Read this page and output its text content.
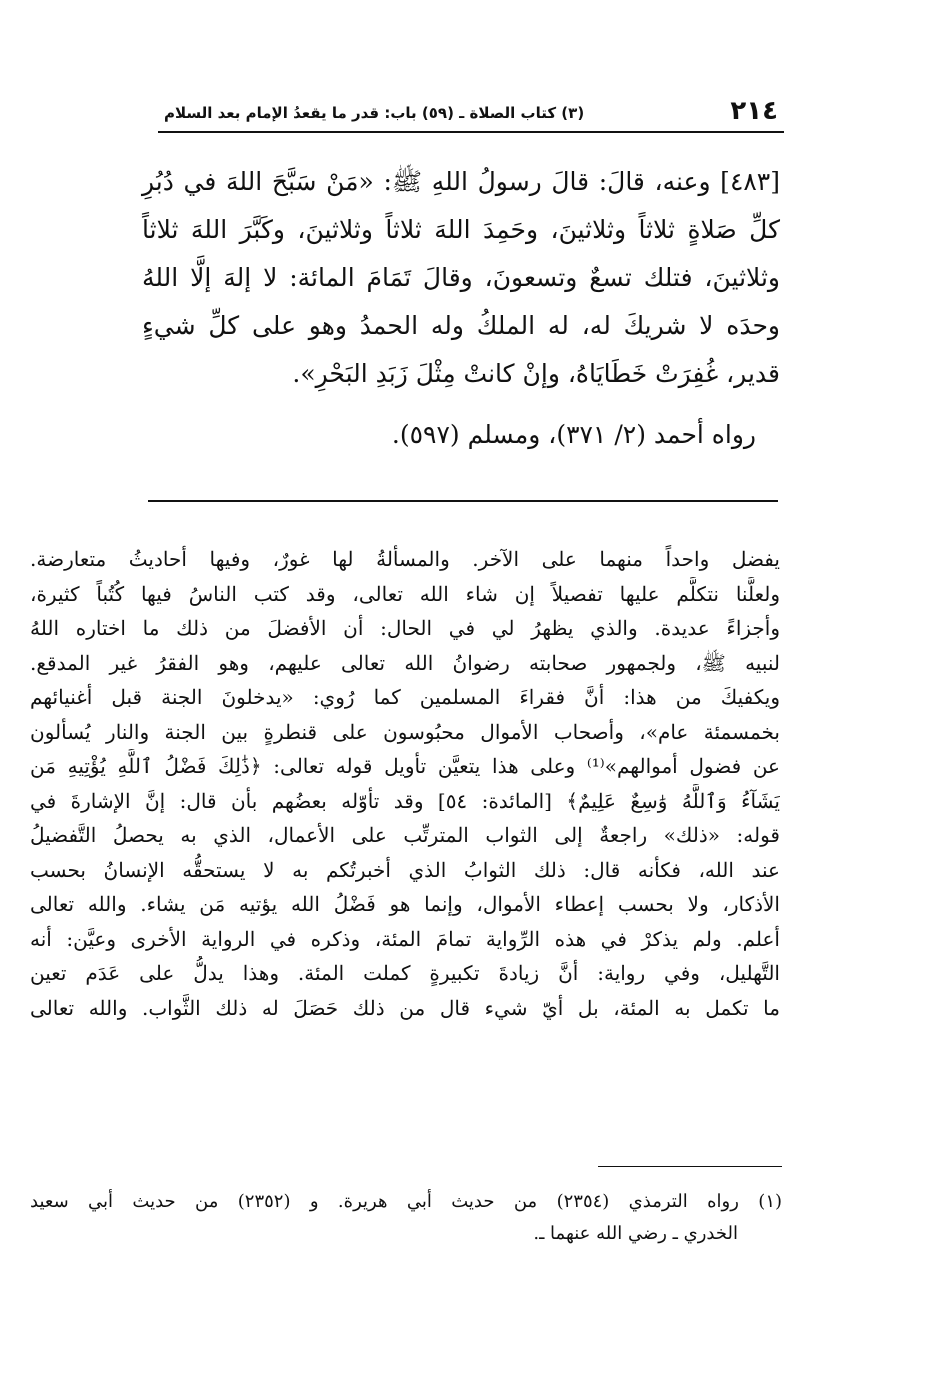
٢١٤
(٣) كتاب الصلاة ـ (٥٩) باب: قدر ما يقعدُ الإمام بعد السلام

[٤٨٣] وعنه، قالَ: قالَ رسولُ اللهِ ﷺ: «مَنْ سَبَّحَ اللهَ في دُبُرِ كلِّ صَلاةٍ ثلاثاً وثلاثينَ، وحَمِدَ اللهَ ثلاثاً وثلاثينَ، وكَبَّرَ اللهَ ثلاثاً وثلاثينَ، فتلك تسعٌ وتسعونَ، وقالَ تَمَامَ المائة: لا إلهَ إلَّا اللهُ وحدَه لا شريكَ له، له الملكُ وله الحمدُ وهو على كلِّ شيءٍ قدير، غُفِرَتْ خَطَايَاهُ، وإنْ كانتْ مِثْلَ زَبَدِ البَحْرِ».

رواه أحمد (٢/ ٣٧١)، ومسلم (٥٩٧).
يفضل واحداً منهما على الآخر. والمسألةُ لها غورٌ، وفيها أحاديثُ متعارضة.
ولعلَّنا نتكلَّم عليها تفصيلاً إن شاء الله تعالى، وقد كتب الناسُ فيها كُتُباً كثيرة،
وأجزاءً عديدة. والذي يظهرُ لي في الحال: أن الأفضلَ من ذلك ما اختاره اللهُ
لنبيه ﷺ، ولجمهور صحابته رضوانُ الله تعالى عليهم، وهو الفقرُ غير المدقع.
ويكفيكَ من هذا: أنَّ فقراءَ المسلمين كما رُوي: «يدخلونَ الجنة قبل أغنيائهم
بخمسمئة عام»، وأصحاب الأموال محبُوسون على قنطرةٍ بين الجنة والنار يُسألون
عن فضول أموالهم»⁽¹⁾ وعلى هذا يتعيَّن تأويل قوله تعالى: ﴿ذَٰلِكَ فَضْلُ ٱللَّهِ يُؤْتِيهِ مَن
يَشَآءُ وَٱللَّهُ وَٰسِعٌ عَلِيمٌ﴾ [المائدة: ٥٤] وقد تأوّله بعضُهم بأن قال: إنَّ الإشارةَ في
قوله: «ذلك» راجعةٌ إلى الثواب المترتِّب على الأعمال، الذي به يحصلُ التَّفضيلُ
عند الله، فكأنه قال: ذلك الثوابُ الذي أخبرتُكم به لا يستحقُّه الإنسانُ بحسب
الأذكار، ولا بحسب إعطاء الأموال، وإنما هو فَضْلُ الله يؤتيه مَن يشاء. والله تعالى
أعلم. ولم يذكرْ في هذه الرِّواية تمامَ المئة، وذكره في الرواية الأخرى وعيَّن: أنه
التَّهليل، وفي رواية: أنَّ زيادةَ تكبيرةٍ كملت المئة. وهذا يدلُّ على عَدَم تعين
ما تكمل به المئة، بل أيّ شيء قال من ذلك حَصَلَ له ذلك الثَّواب. والله تعالى
(١) رواه الترمذي (٢٣٥٤) من حديث أبي هريرة. و (٢٣٥٢) من حديث أبي سعيد
الخدري ـ رضي الله عنهما ـ.
